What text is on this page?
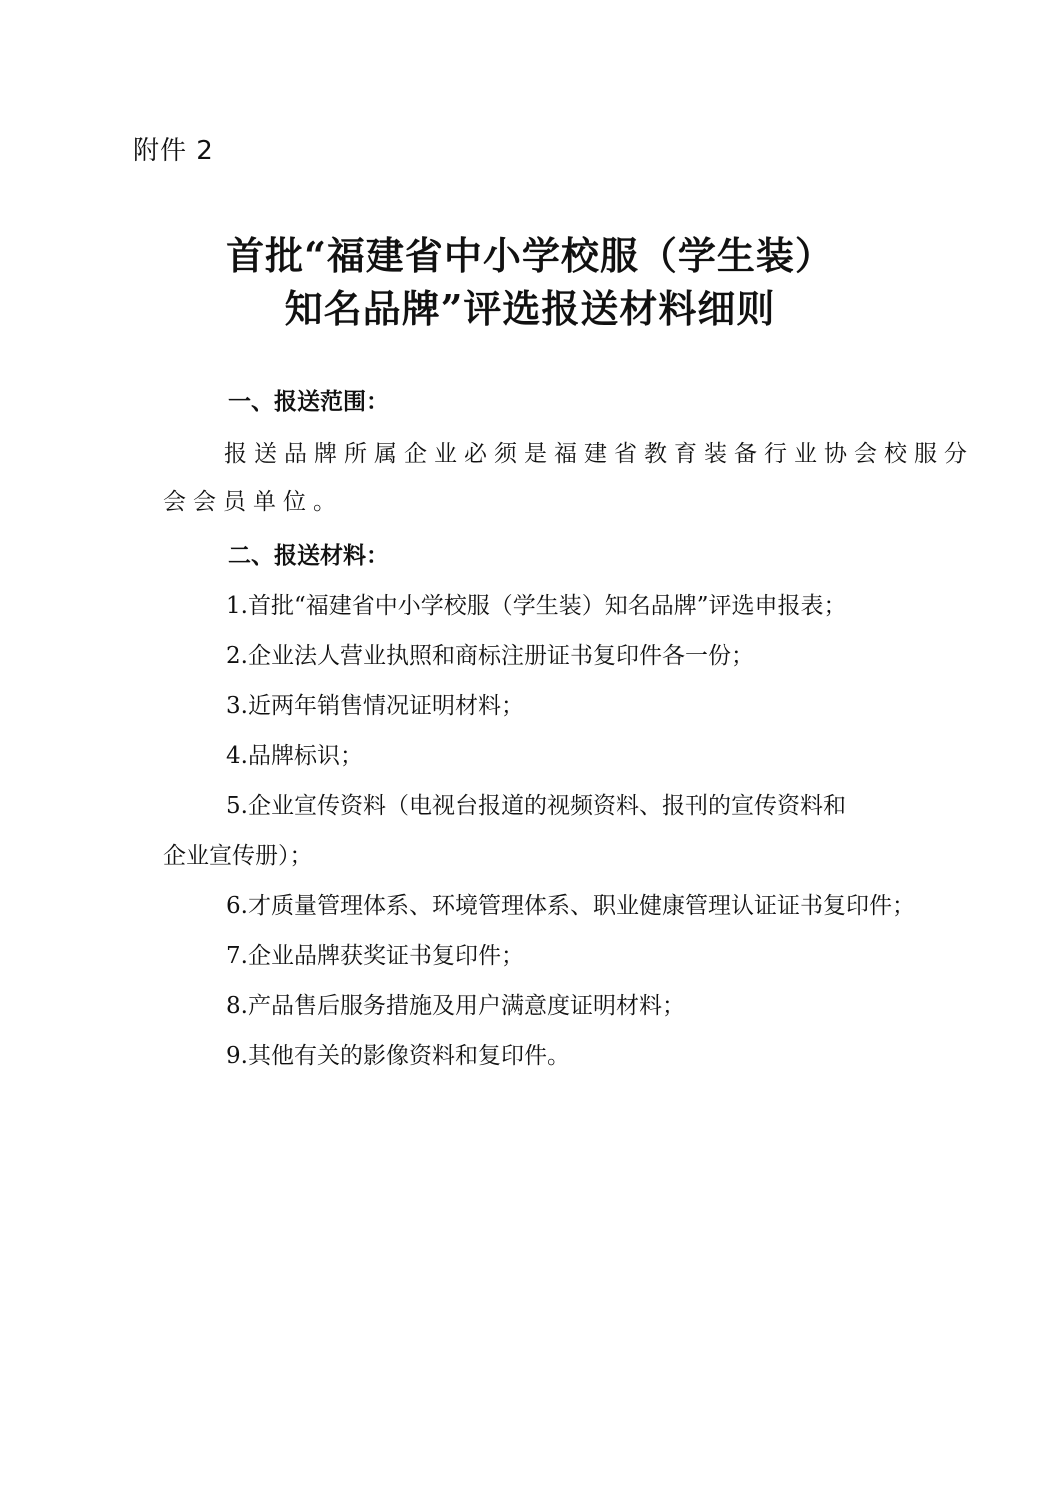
附件 2
首批“福建省中小学校服（学生装）
知名品牌”评选报送材料细则
一、报送范围：
报送品牌所属企业必须是福建省教育装备行业协会校服分
会会员单位。
二、报送材料：
1.首批“福建省中小学校服（学生装）知名品牌”评选申报表；
2.企业法人营业执照和商标注册证书复印件各一份；
3.近两年销售情况证明材料；
4.品牌标识；
5.企业宣传资料（电视台报道的视频资料、报刊的宣传资料和
企业宣传册）；
6.才质量管理体系、环境管理体系、职业健康管理认证证书复印件；
7.企业品牌获奖证书复印件；
8.产品售后服务措施及用户满意度证明材料；
9.其他有关的影像资料和复印件。
